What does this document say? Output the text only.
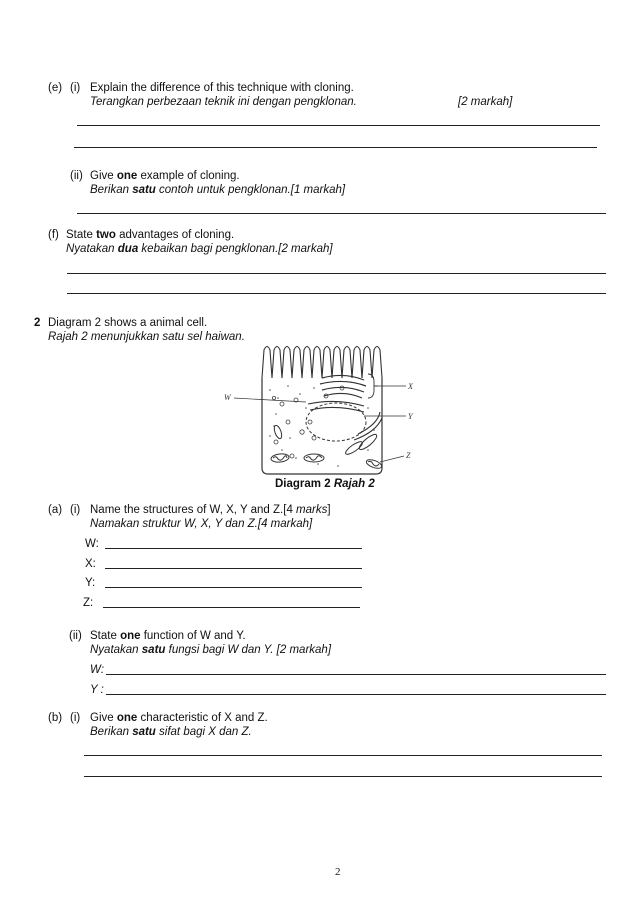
(e) (i) Explain the difference of this technique with cloning.
Terangkan perbezaan teknik ini dengan pengklonan.	[2 markah]
(ii) Give one example of cloning.
Berikan satu contoh untuk pengklonan.[1 markah]
(f) State two advantages of cloning.
Nyatakan dua kebaikan bagi pengklonan.[2 markah]
2 Diagram 2 shows a animal cell.
Rajah 2 menunjukkan satu sel haiwan.
X
Y
W
Z
Diagram 2 Rajah 2
(a) (i) Name the structures of W, X, Y and Z.[4 marks]
Namakan struktur W, X, Y dan Z.[4 markah]
W:
X:
Y:
Z:
(ii) State one function of W and Y.
Nyatakan satu fungsi bagi W dan Y. [2 markah]
W:
Y :
(b) (i) Give one characteristic of X and Z.
Berikan satu sifat bagi X dan Z.
2
